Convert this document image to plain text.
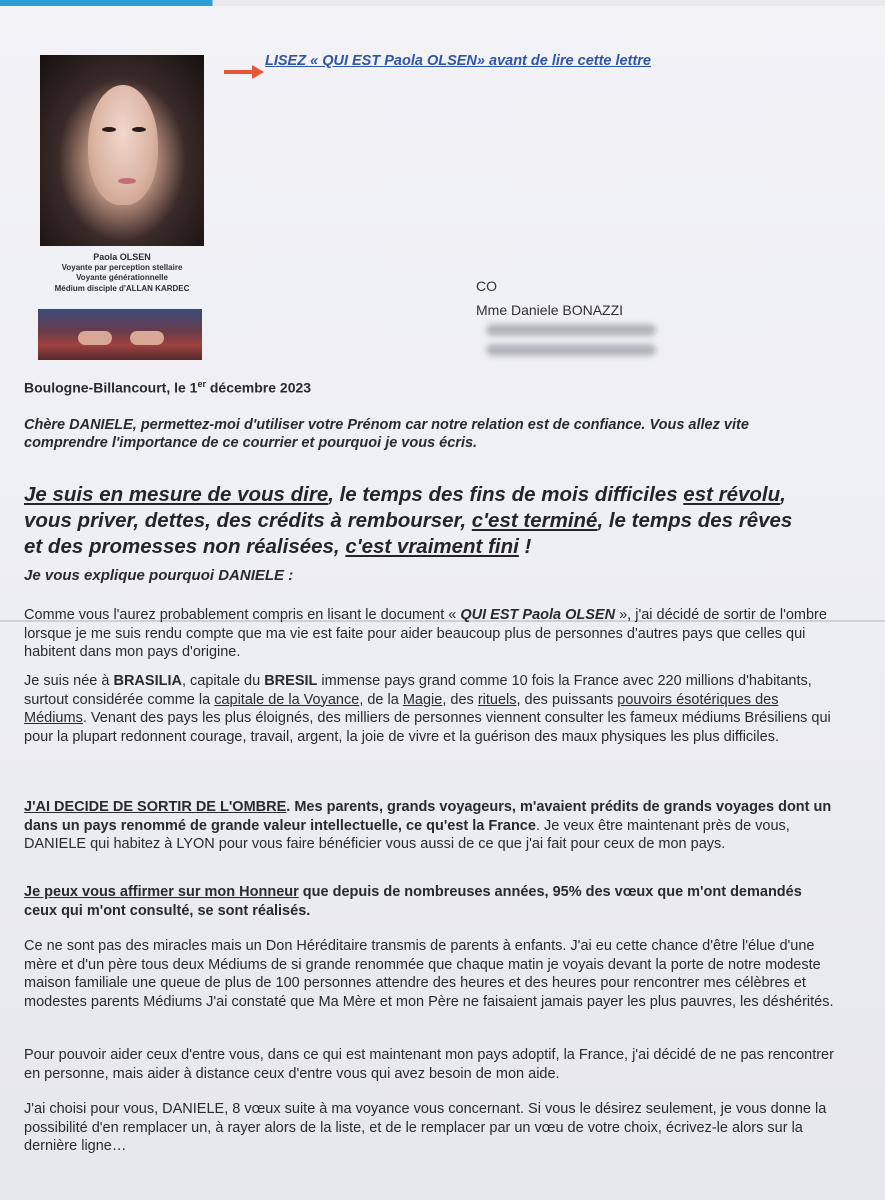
Paola OLSEN
Voyante par perception stellaire
Voyante générationnelle
Médium disciple d'ALLAN KARDEC
LISEZ « QUI EST Paola OLSEN» avant de lire cette lettre
CO
Mme Daniele BONAZZI
Boulogne-Billancourt, le 1er décembre 2023

Chère DANIELE, permettez-moi d'utiliser votre Prénom car notre relation est de confiance. Vous allez vite comprendre l'importance de ce courrier et pourquoi je vous écris.

Je suis en mesure de vous dire, le temps des fins de mois difficiles est révolu, vous priver, dettes, des crédits à rembourser, c'est terminé, le temps des rêves et des promesses non réalisées, c'est vraiment fini !

Je vous explique pourquoi DANIELE :

Comme vous l'aurez probablement compris en lisant le document « QUI EST Paola OLSEN », j'ai décidé de sortir de l'ombre lorsque je me suis rendu compte que ma vie est faite pour aider beaucoup plus de personnes d'autres pays que celles qui habitent dans mon pays d'origine.

Je suis née à BRASILIA, capitale du BRESIL immense pays grand comme 10 fois la France avec 220 millions d'habitants, surtout considérée comme la capitale de la Voyance, de la Magie, des rituels, des puissants pouvoirs ésotériques des Médiums. Venant des pays les plus éloignés, des milliers de personnes viennent consulter les fameux médiums Brésiliens qui pour la plupart redonnent courage, travail, argent, la joie de vivre et la guérison des maux physiques les plus difficiles.

J'AI DECIDE DE SORTIR DE L'OMBRE. Mes parents, grands voyageurs, m'avaient prédits de grands voyages dont un dans un pays renommé de grande valeur intellectuelle, ce qu'est la France. Je veux être maintenant près de vous, DANIELE qui habitez à LYON pour vous faire bénéficier vous aussi de ce que j'ai fait pour ceux de mon pays.

Je peux vous affirmer sur mon Honneur que depuis de nombreuses années, 95% des vœux que m'ont demandés ceux qui m'ont consulté, se sont réalisés.

Ce ne sont pas des miracles mais un Don Héréditaire transmis de parents à enfants. J'ai eu cette chance d'être l'élue d'une mère et d'un père tous deux Médiums de si grande renommée que chaque matin je voyais devant la porte de notre modeste maison familiale une queue de plus de 100 personnes attendre des heures et des heures pour rencontrer mes célèbres et modestes parents Médiums J'ai constaté que Ma Mère et mon Père ne faisaient jamais payer les plus pauvres, les déshérités.

Pour pouvoir aider ceux d'entre vous, dans ce qui est maintenant mon pays adoptif, la France, j'ai décidé de ne pas rencontrer en personne, mais aider à distance ceux d'entre vous qui avez besoin de mon aide.

J'ai choisi pour vous, DANIELE, 8 vœux suite à ma voyance vous concernant. Si vous le désirez seulement, je vous donne la possibilité d'en remplacer un, à rayer alors de la liste, et de le remplacer par un vœu de votre choix, écrivez-le alors sur la dernière ligne…
